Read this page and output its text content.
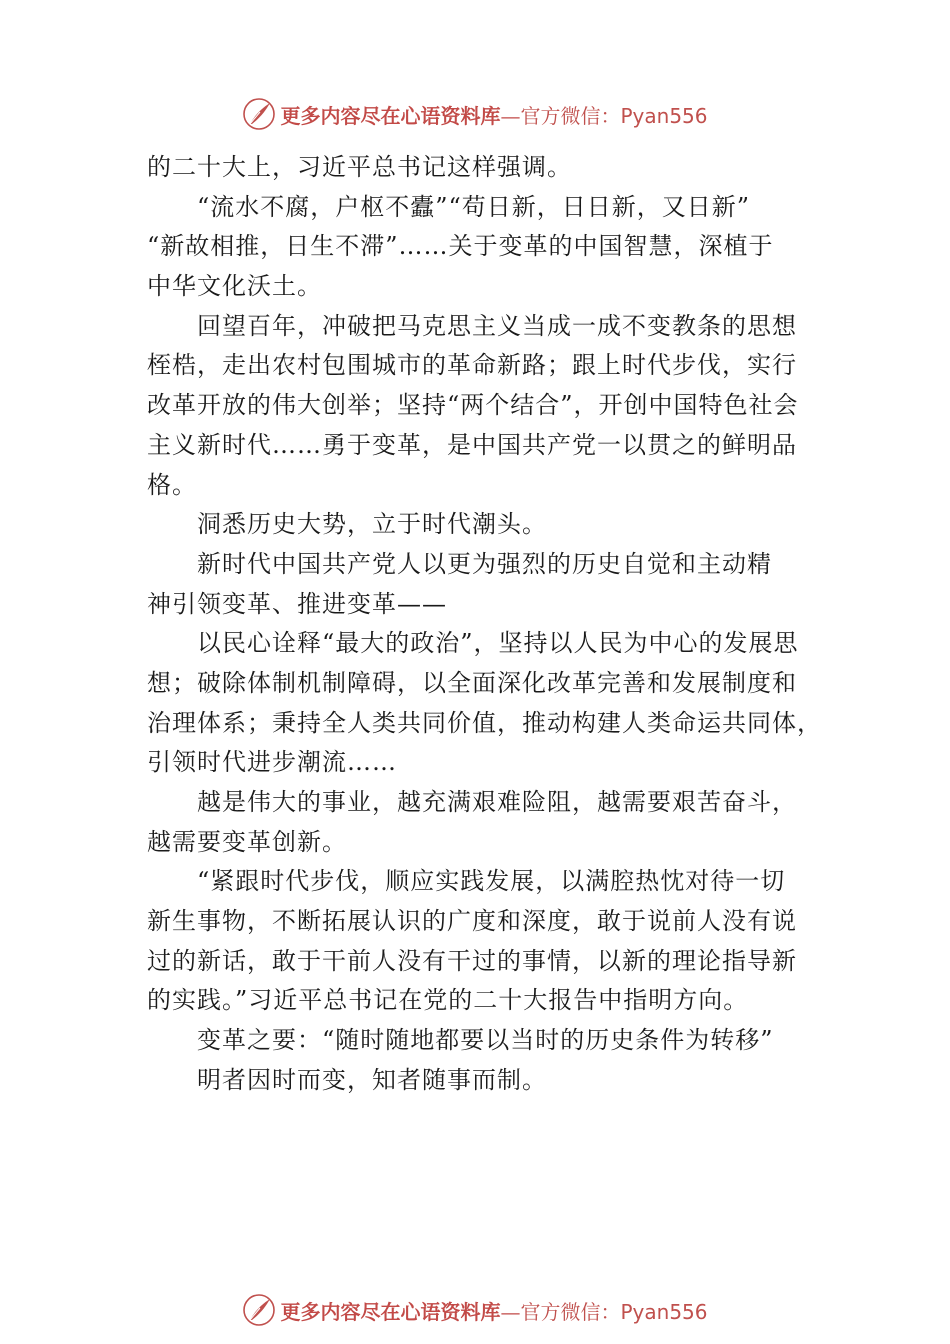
更多内容尽在心语资料库—官方微信：Pyan556

的二十大上，习近平总书记这样强调。

“流水不腐，户枢不蠹”“苟日新，日日新，又日新”

“新故相推，日生不滞”……关于变革的中国智慧，深植于

中华文化沃土。

回望百年，冲破把马克思主义当成一成不变教条的思想

桎梏，走出农村包围城市的革命新路；跟上时代步伐，实行

改革开放的伟大创举；坚持“两个结合”，开创中国特色社会

主义新时代……勇于变革，是中国共产党一以贯之的鲜明品

格。

洞悉历史大势，立于时代潮头。

新时代中国共产党人以更为强烈的历史自觉和主动精

神引领变革、推进变革——

以民心诠释“最大的政治”，坚持以人民为中心的发展思

想；破除体制机制障碍，以全面深化改革完善和发展制度和

治理体系；秉持全人类共同价值，推动构建人类命运共同体，

引领时代进步潮流……

越是伟大的事业，越充满艰难险阻，越需要艰苦奋斗，

越需要变革创新。

“紧跟时代步伐，顺应实践发展，以满腔热忱对待一切

新生事物，不断拓展认识的广度和深度，敢于说前人没有说

过的新话，敢于干前人没有干过的事情，以新的理论指导新

的实践。”习近平总书记在党的二十大报告中指明方向。

变革之要：“随时随地都要以当时的历史条件为转移”

明者因时而变，知者随事而制。

更多内容尽在心语资料库—官方微信：Pyan556
